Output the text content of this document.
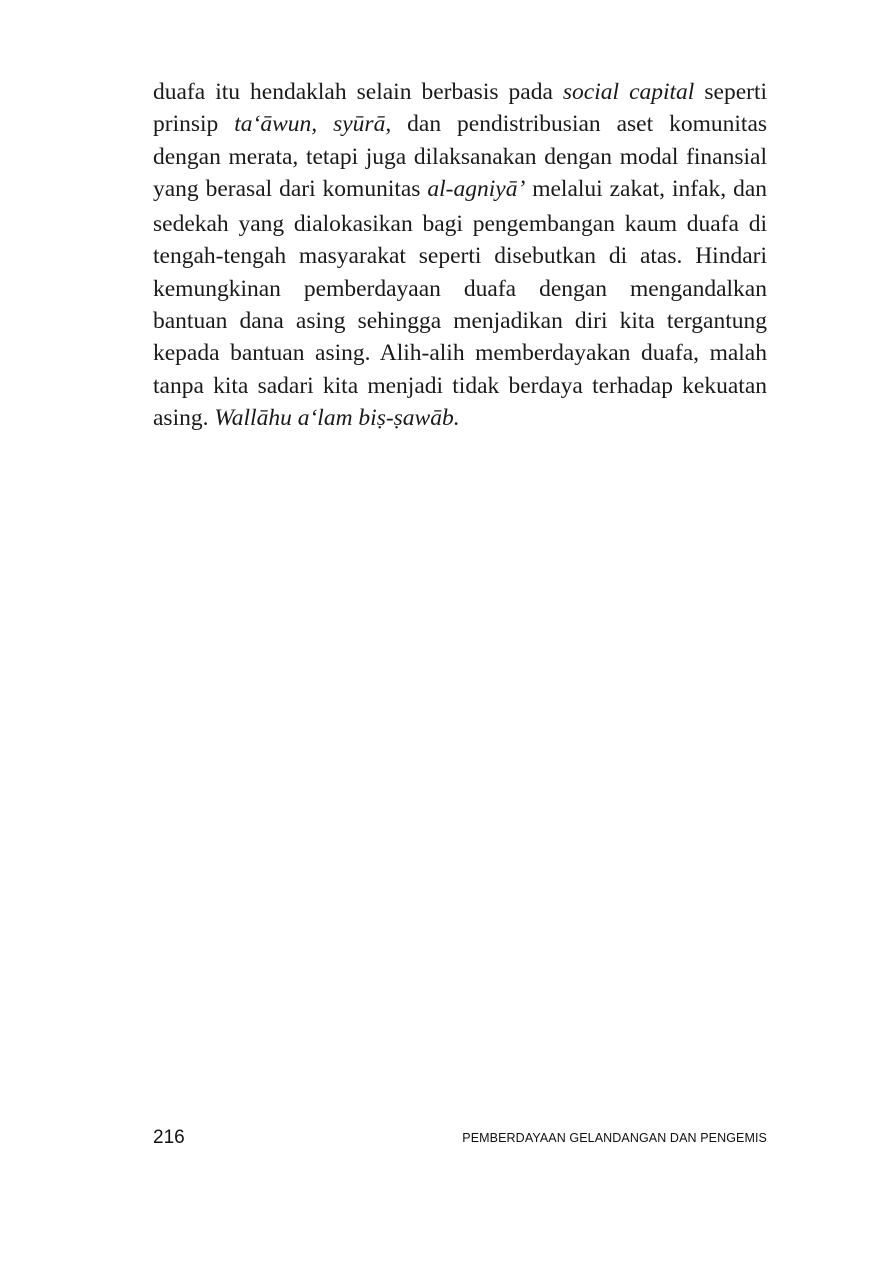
duafa itu hendaklah selain berbasis pada social capital seperti
prinsip ta‘āwun, syūrā, dan pendistribusian aset komunitas
dengan merata, tetapi juga dilaksanakan dengan modal finansial
yang berasal dari komunitas al-agniyā’ melalui zakat, infak, dan
sedekah yang dialokasikan bagi pengembangan kaum duafa di
tengah-tengah masyarakat seperti disebutkan di atas. Hindari
kemungkinan pemberdayaan duafa dengan mengandalkan
bantuan dana asing sehingga menjadikan diri kita tergantung
kepada bantuan asing. Alih-alih memberdayakan duafa, malah
tanpa kita sadari kita menjadi tidak berdaya terhadap kekuatan
asing. Wallāhu a‘lam biṣ-ṣawāb.
216	PEMBERDAYAAN GELANDANGAN DAN PENGEMIS
